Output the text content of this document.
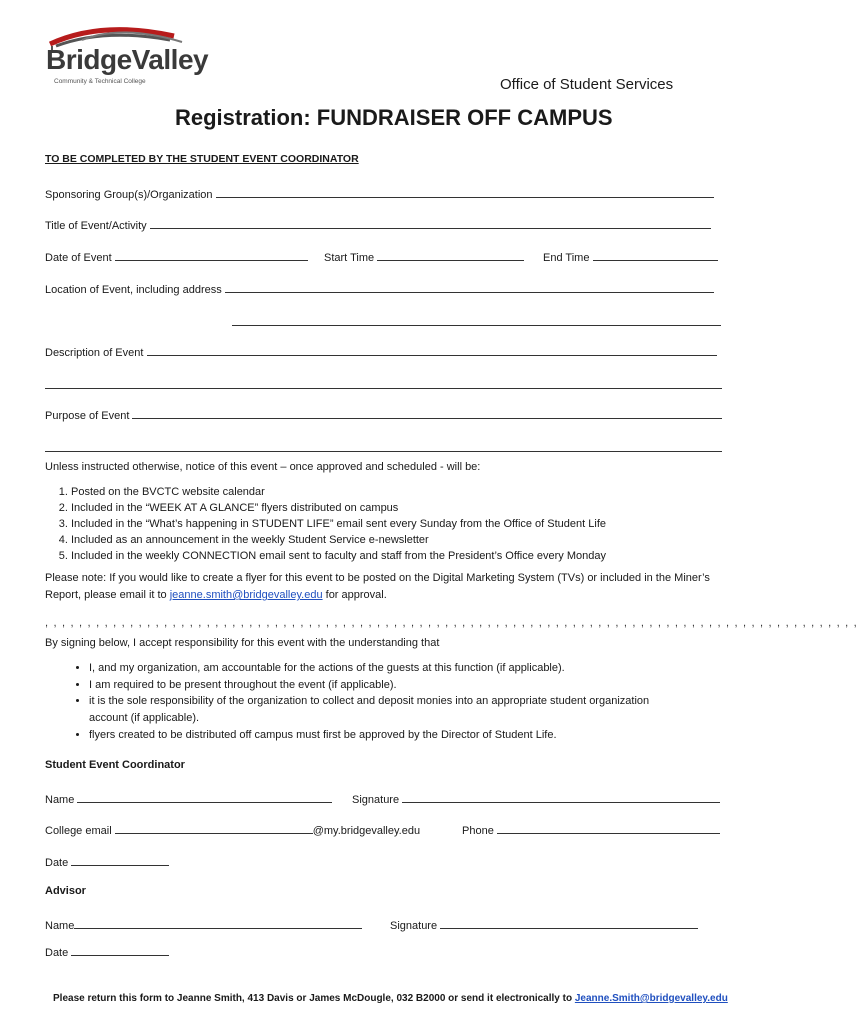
BridgeValley
Community & Technical College	Office of Student Services
Registration: FUNDRAISER OFF CAMPUS
TO BE COMPLETED BY THE STUDENT EVENT COORDINATOR
Sponsoring Group(s)/Organization
Title of Event/Activity
Date of Event	Start Time	End Time
Location of Event, including address
Description of Event
Purpose of Event
Unless instructed otherwise, notice of this event – once approved and scheduled - will be:
1. Posted on the BVCTC website calendar
2. Included in the “WEEK AT A GLANCE” flyers distributed on campus
3. Included in the “What’s happening in STUDENT LIFE” email sent every Sunday from the Office of Student Life
4. Included as an announcement in the weekly Student Service e-newsletter
5. Included in the weekly CONNECTION email sent to faculty and staff from the President’s Office every Monday
Please note: If you would like to create a flyer for this event to be posted on the Digital Marketing System (TVs) or included in the Miner’s Report, please email it to jeanne.smith@bridgevalley.edu for approval.
, , , , , , , , , , , , , , , , , , , , , , , , , , , , , , , , , , , , , , , , , , , , , , , , , , , , , , , , , , , , , , , , , , , , , , , , , , , , , , , , , , , , , , , , , , , , , , , ,
By signing below, I accept responsibility for this event with the understanding that
• I, and my organization, am accountable for the actions of the guests at this function (if applicable).
• I am required to be present throughout the event (if applicable).
• it is the sole responsibility of the organization to collect and deposit monies into an appropriate student organization account (if applicable).
• flyers created to be distributed off campus must first be approved by the Director of Student Life.
Student Event Coordinator
Name	Signature
College email	@my.bridgevalley.edu	Phone
Date
Advisor
Name	Signature
Date
Please return this form to Jeanne Smith, 413 Davis or James McDougle, 032 B2000 or send it electronically to Jeanne.Smith@bridgevalley.edu
